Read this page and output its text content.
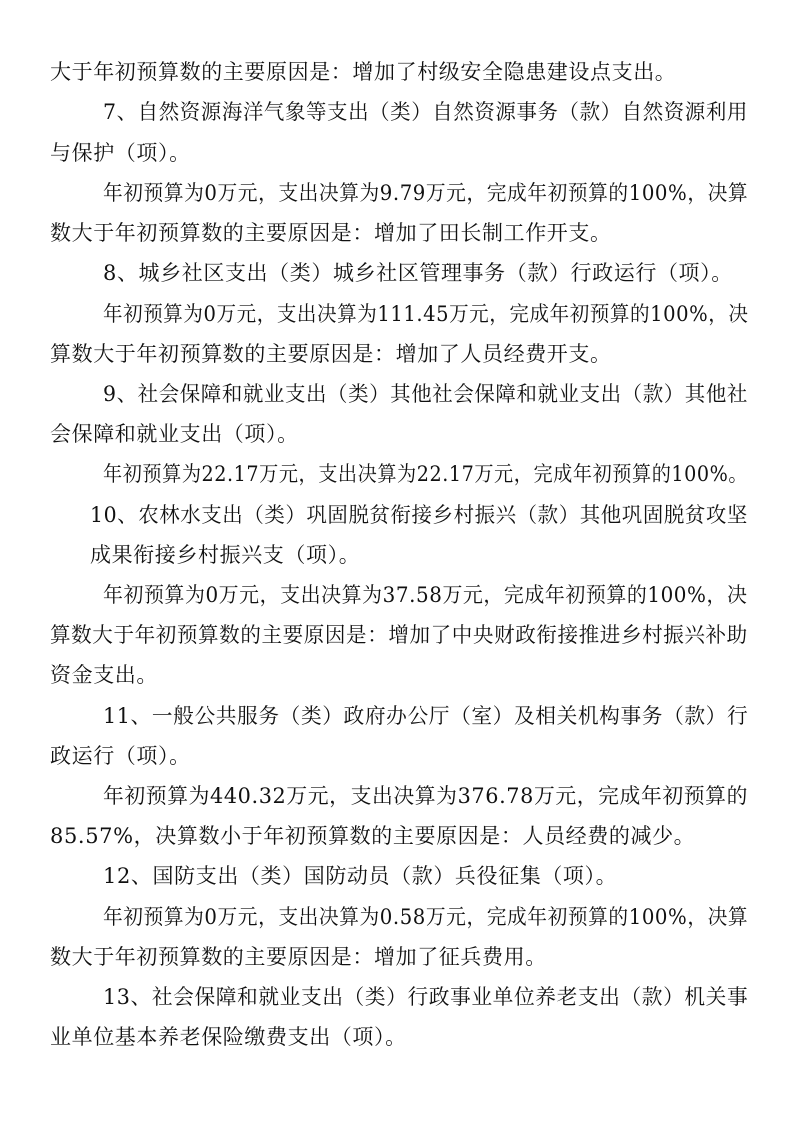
大于年初预算数的主要原因是：增加了村级安全隐患建设点支出。
7、自然资源海洋气象等支出（类）自然资源事务（款）自然资源利用
与保护（项）。
年初预算为0万元，支出决算为9.79万元，完成年初预算的100%，决算
数大于年初预算数的主要原因是：增加了田长制工作开支。
8、城乡社区支出（类）城乡社区管理事务（款）行政运行（项）。
年初预算为0万元，支出决算为111.45万元，完成年初预算的100%，决
算数大于年初预算数的主要原因是：增加了人员经费开支。
9、社会保障和就业支出（类）其他社会保障和就业支出（款）其他社
会保障和就业支出（项）。
年初预算为22.17万元，支出决算为22.17万元，完成年初预算的100%。
10、农林水支出（类）巩固脱贫衔接乡村振兴（款）其他巩固脱贫攻坚
成果衔接乡村振兴支（项）。
年初预算为0万元，支出决算为37.58万元，完成年初预算的100%，决
算数大于年初预算数的主要原因是：增加了中央财政衔接推进乡村振兴补助
资金支出。
11、一般公共服务（类）政府办公厅（室）及相关机构事务（款）行
政运行（项）。
年初预算为440.32万元，支出决算为376.78万元，完成年初预算的
85.57%，决算数小于年初预算数的主要原因是：人员经费的减少。
12、国防支出（类）国防动员（款）兵役征集（项）。
年初预算为0万元，支出决算为0.58万元，完成年初预算的100%，决算
数大于年初预算数的主要原因是：增加了征兵费用。
13、社会保障和就业支出（类）行政事业单位养老支出（款）机关事
业单位基本养老保险缴费支出（项）。
